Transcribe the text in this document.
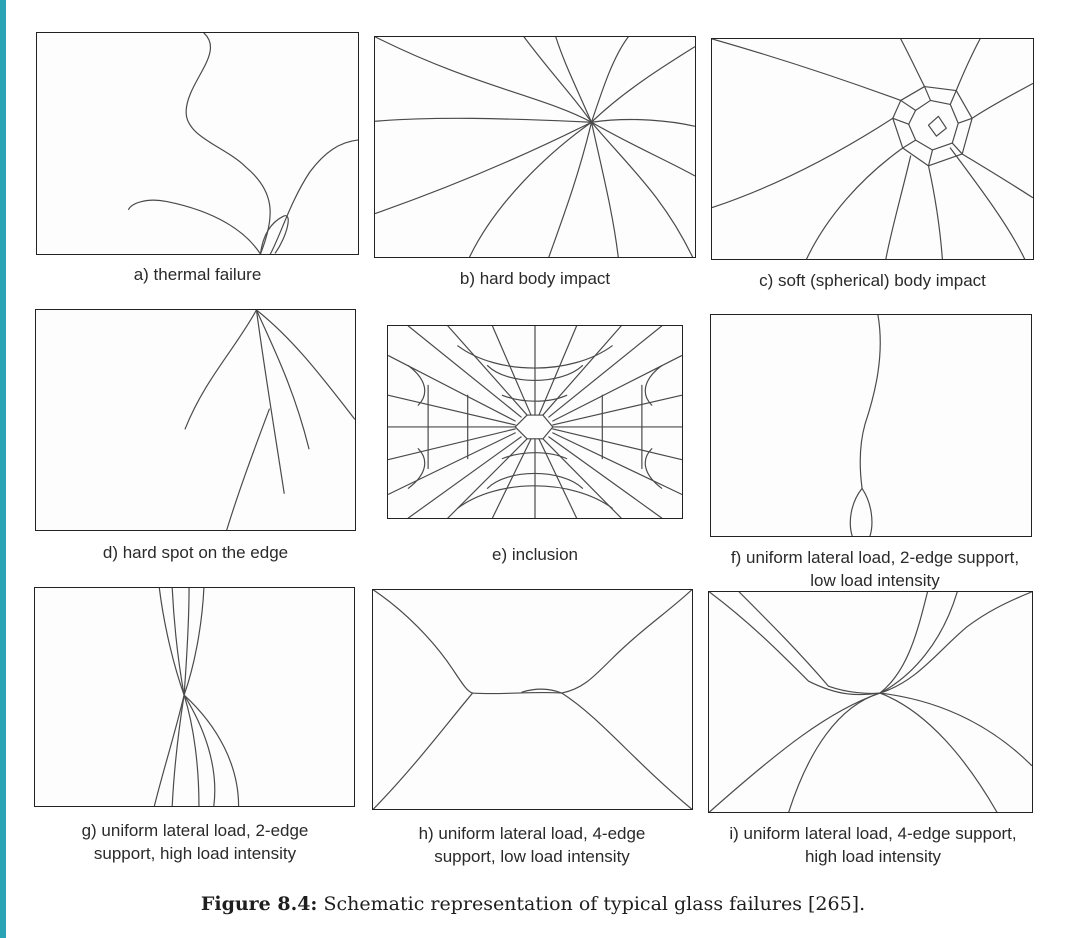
a) thermal failure	b) hard body impact	c) soft (spherical) body impact
d) hard spot on the edge	e) inclusion	f) uniform lateral load, 2-edge support, low load intensity
g) uniform lateral load, 2-edge support, high load intensity
h) uniform lateral load, 4-edge support, low load intensity
i) uniform lateral load, 4-edge support, high load intensity
Figure 8.4: Schematic representation of typical glass failures [265].
